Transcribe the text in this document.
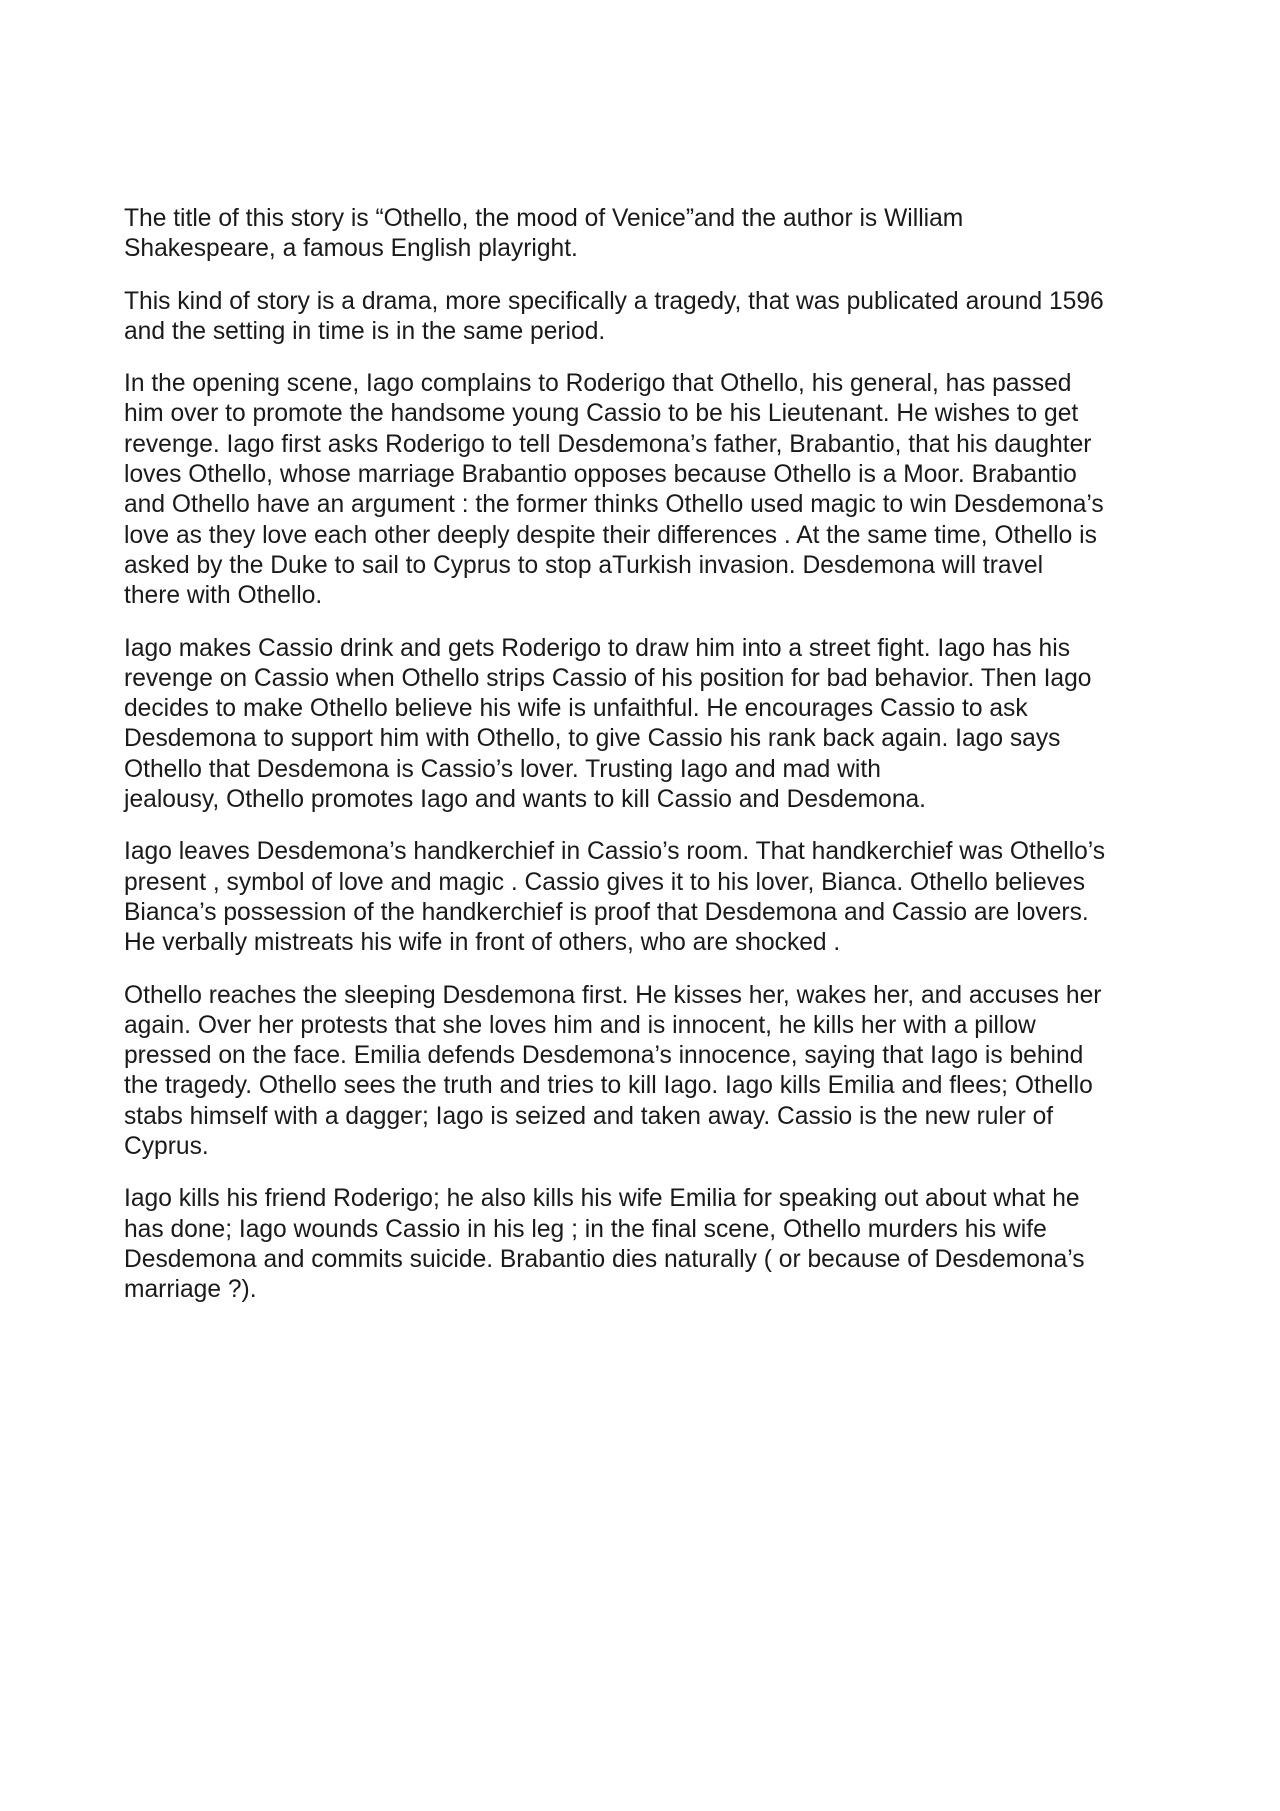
The title of this story is “Othello, the mood of Venice”and the author is William
Shakespeare, a famous English playright.

This kind of story is a drama, more specifically a tragedy, that was publicated around 1596
and the setting in time is in the same period.

In the opening scene, Iago complains to Roderigo that Othello, his general, has passed
him over to promote the handsome young Cassio to be his Lieutenant. He wishes to get
revenge. Iago first asks Roderigo to tell Desdemona’s father, Brabantio, that his daughter
loves Othello, whose marriage Brabantio opposes because Othello is a Moor. Brabantio
and Othello have an argument : the former thinks Othello used magic to win Desdemona’s
love as they love each other deeply despite their differences . At the same time, Othello is
asked by the Duke to sail to Cyprus to stop aTurkish invasion. Desdemona will travel
there with Othello.

Iago makes Cassio drink and gets Roderigo to draw him into a street fight. Iago has his
revenge on Cassio when Othello strips Cassio of his position for bad behavior. Then Iago
decides to make Othello believe his wife is unfaithful. He encourages Cassio to ask
Desdemona to support him with Othello, to give Cassio his rank back again. Iago says
Othello that Desdemona is Cassio’s lover. Trusting Iago and mad with
jealousy, Othello promotes Iago and wants to kill Cassio and Desdemona.

Iago leaves Desdemona’s handkerchief in Cassio’s room. That handkerchief was Othello’s
present , symbol of love and magic . Cassio gives it to his lover, Bianca. Othello believes
Bianca’s possession of the handkerchief is proof that Desdemona and Cassio are lovers.
He verbally mistreats his wife in front of others, who are shocked .

Othello reaches the sleeping Desdemona first. He kisses her, wakes her, and accuses her
again. Over her protests that she loves him and is innocent, he kills her with a pillow
pressed on the face. Emilia defends Desdemona’s innocence, saying that Iago is behind
the tragedy. Othello sees the truth and tries to kill Iago. Iago kills Emilia and flees; Othello
stabs himself with a dagger; Iago is seized and taken away. Cassio is the new ruler of
Cyprus.

Iago kills his friend Roderigo; he also kills his wife Emilia for speaking out about what he
has done; Iago wounds Cassio in his leg ; in the final scene, Othello murders his wife
Desdemona and commits suicide. Brabantio dies naturally ( or because of Desdemona’s
marriage ?).
